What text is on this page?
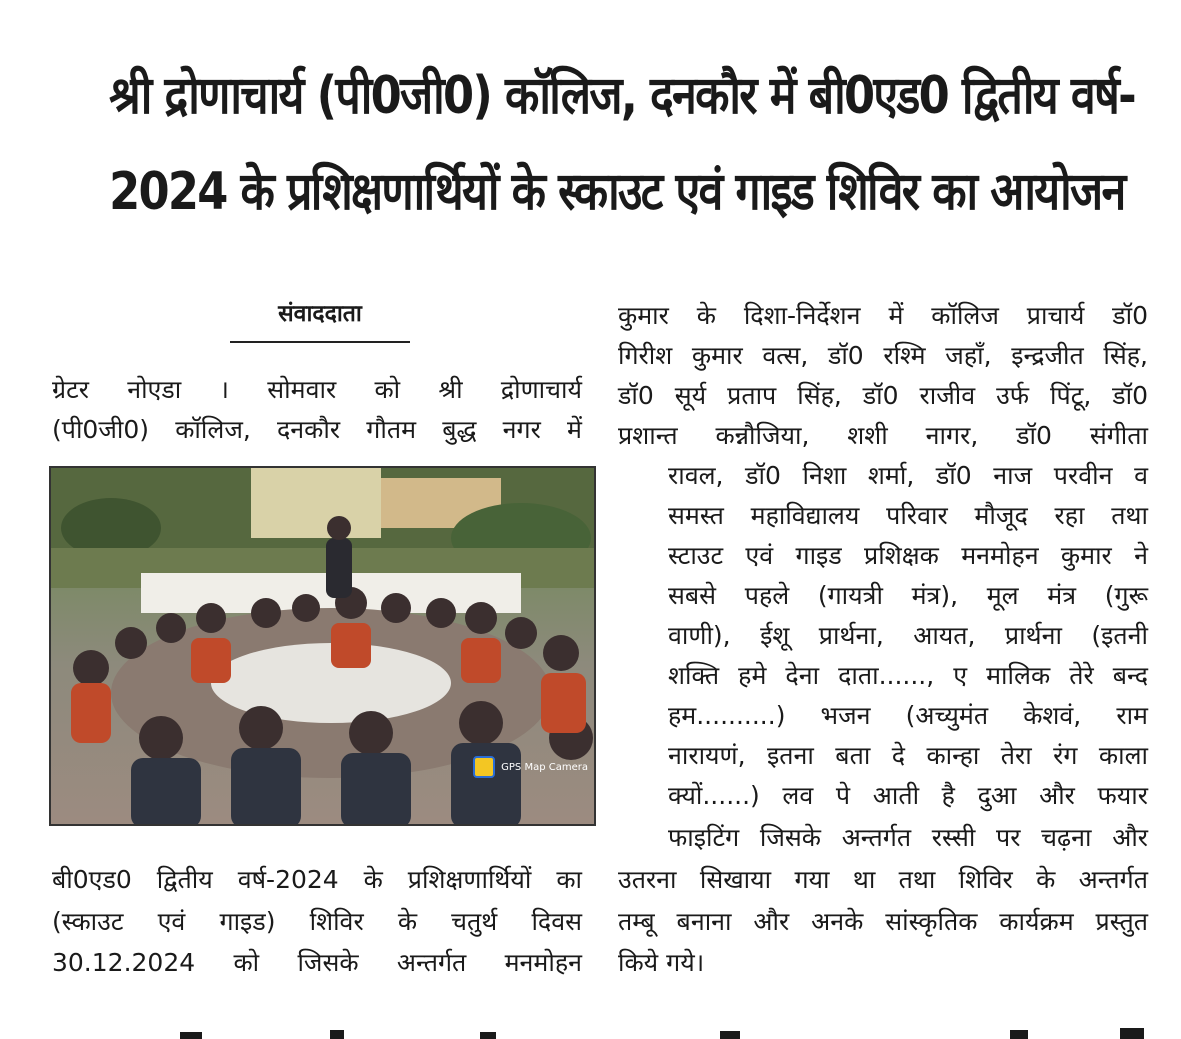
श्री द्रोणाचार्य (पी0जी0) कॉलिज, दनकौर में बी0एड0 द्वितीय वर्ष-
2024 के प्रशिक्षणार्थियों के स्काउट एवं गाइड शिविर का आयोजन
संवाददाता
ग्रेटर नोएडा । सोमवार को श्री द्रोणाचार्य
(पी0जी0) कॉलिज, दनकौर गौतम बुद्ध नगर में
GPS Map Camera
बी0एड0 द्वितीय वर्ष-2024 के प्रशिक्षणार्थियों का
(स्काउट एवं गाइड) शिविर के चतुर्थ दिवस
30.12.2024 को जिसके अन्तर्गत मनमोहन
कुमार के दिशा-निर्देशन में कॉलिज प्राचार्य डॉ0
गिरीश कुमार वत्स, डॉ0 रश्मि जहाँ, इन्द्रजीत सिंह,
डॉ0 सूर्य प्रताप सिंह, डॉ0 राजीव उर्फ पिंटू, डॉ0
प्रशान्त कन्नौजिया, शशी नागर, डॉ0 संगीता
रावल, डॉ0 निशा शर्मा, डॉ0 नाज परवीन व
समस्त महाविद्यालय परिवार मौजूद रहा तथा
स्टाउट एवं गाइड प्रशिक्षक मनमोहन कुमार ने
सबसे पहले (गायत्री मंत्र), मूल मंत्र (गुरू
वाणी), ईशू प्रार्थना, आयत, प्रार्थना (इतनी
शक्ति हमे देना दाता......, ए मालिक तेरे बन्द
हम..........) भजन (अच्युमंत केशवं, राम
नारायणं, इतना बता दे कान्हा तेरा रंग काला
क्यों......) लव पे आती है दुआ और फयार
फाइटिंग जिसके अन्तर्गत रस्सी पर चढ़ना और
उतरना सिखाया गया था तथा शिविर के अन्तर्गत
तम्बू बनाना और अनके सांस्कृतिक कार्यक्रम प्रस्तुत
किये गये।
